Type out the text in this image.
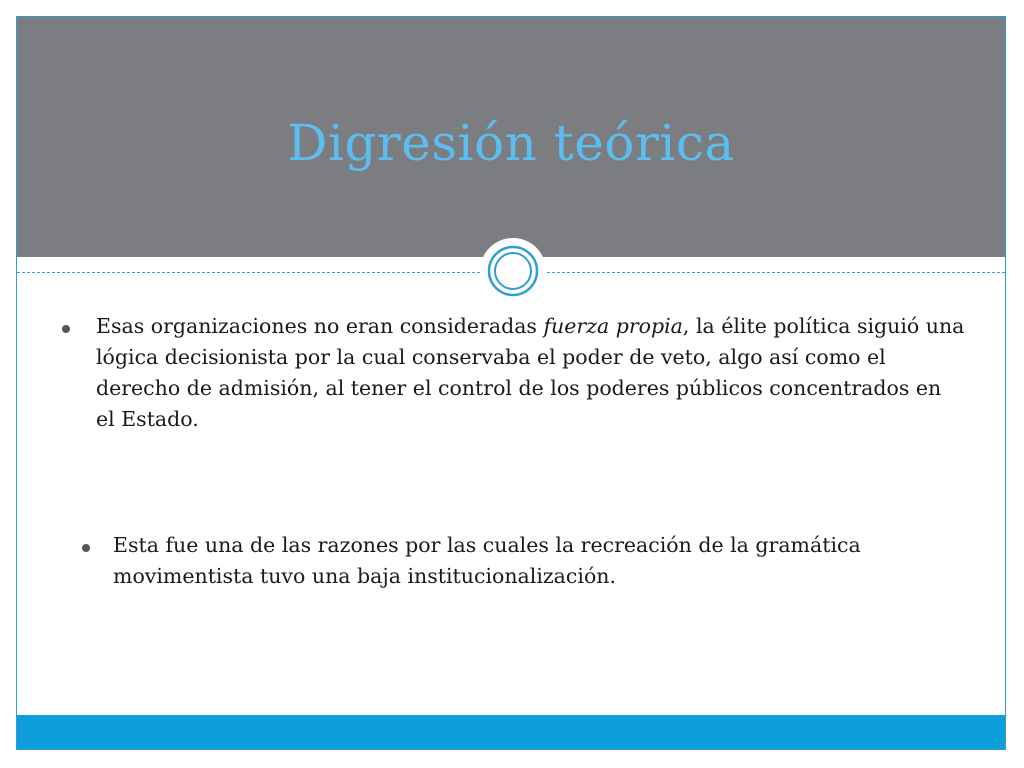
Digresión teórica
Esas organizaciones no eran consideradas fuerza propia, la élite política siguió una lógica decisionista por la cual conservaba el poder de veto, algo así como el derecho de admisión, al tener el control de los poderes públicos concentrados en el Estado.
Esta fue una de las razones por las cuales la recreación de la gramática movimentista tuvo una baja institucionalización.
